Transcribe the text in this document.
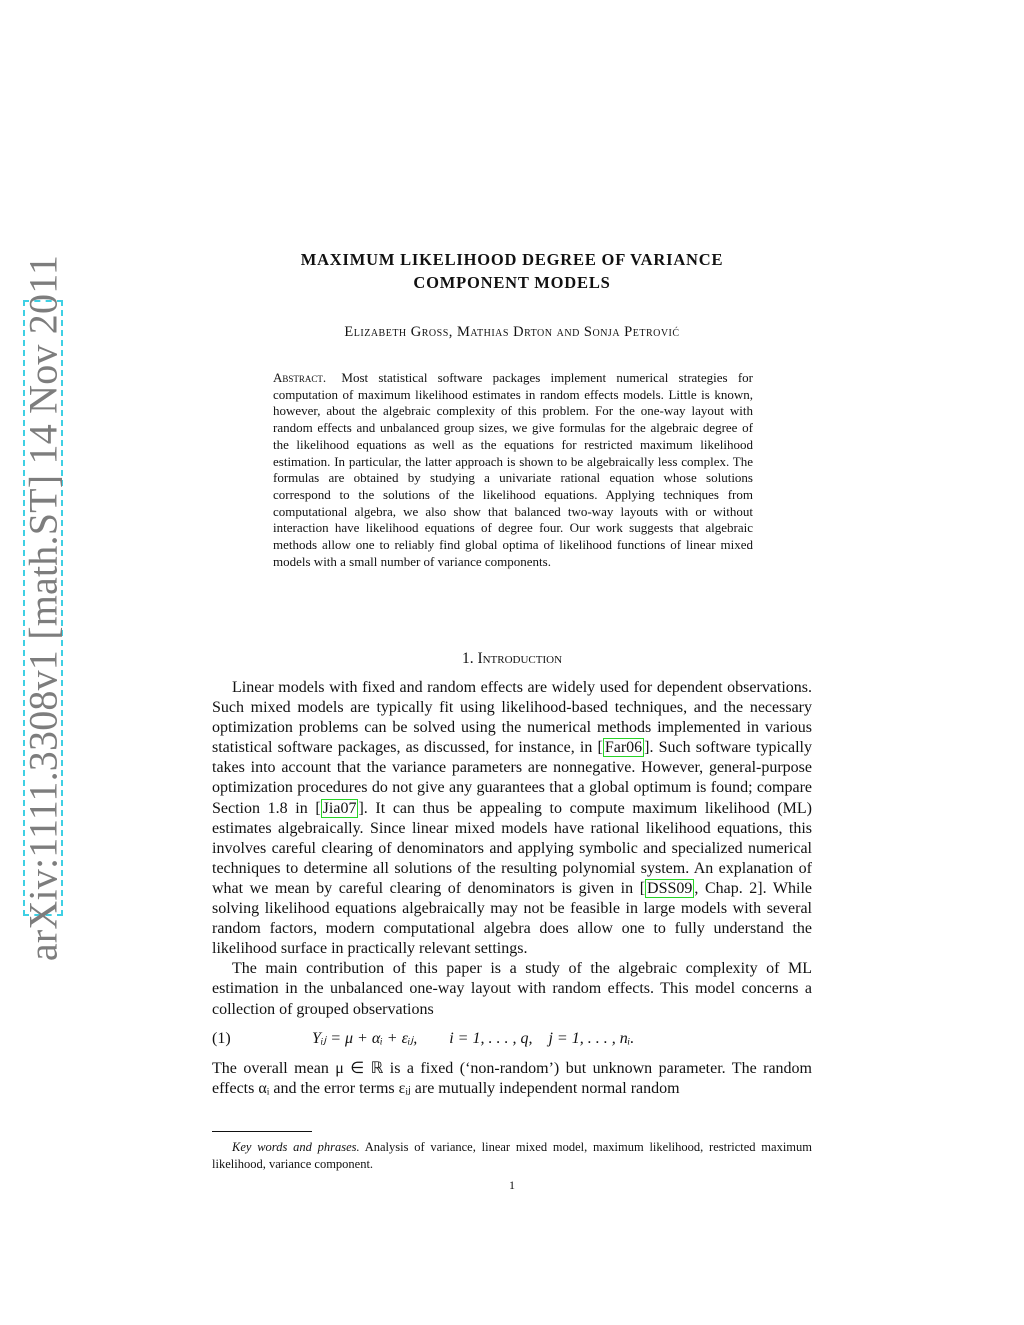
arXiv:1111.3308v1 [math.ST] 14 Nov 2011	MAXIMUM LIKELIHOOD DEGREE OF VARIANCE
COMPONENT MODELS
Elizabeth Gross, Mathias Drton and Sonja Petrović
Abstract. Most statistical software packages implement numerical strategies for computation of maximum likelihood estimates in random effects models. Little is known, however, about the algebraic complexity of this problem. For the one-way layout with random effects and unbalanced group sizes, we give formulas for the algebraic degree of the likelihood equations as well as the equations for restricted maximum likelihood estimation. In particular, the latter approach is shown to be algebraically less complex. The formulas are obtained by studying a univariate rational equation whose solutions correspond to the solutions of the likelihood equations. Applying techniques from computational algebra, we also show that balanced two-way layouts with or without interaction have likelihood equations of degree four. Our work suggests that algebraic methods allow one to reliably find global optima of likelihood functions of linear mixed models with a small number of variance components.
1. Introduction

Linear models with fixed and random effects are widely used for dependent observations. Such mixed models are typically fit using likelihood-based techniques, and the necessary optimization problems can be solved using the numerical methods implemented in various statistical software packages, as discussed, for instance, in [ Far06 ]. Such software typically takes into account that the variance parameters are nonnegative. However, general-purpose optimization procedures do not give any guarantees that a global optimum is found; compare Section 1.8 in [ Jia07 ]. It can thus be appealing to compute maximum likelihood (ML) estimates algebraically. Since linear mixed models have rational likelihood equations, this involves careful clearing of denominators and applying symbolic and specialized numerical techniques to determine all solutions of the resulting polynomial system. An explanation of what we mean by careful clearing of denominators is given in [ DSS09 , Chap. 2]. While solving likelihood equations algebraically may not be feasible in large models with several random factors, modern computational algebra does allow one to fully understand the likelihood surface in practically relevant settings.

The main contribution of this paper is a study of the algebraic complexity of ML estimation in the unbalanced one-way layout with random effects. This model concerns a collection of grouped observations

(1)	Yᵢⱼ = μ + αᵢ + εᵢⱼ,        i = 1, . . . , q,    j = 1, . . . , nᵢ.

The overall mean μ ∈ ℝ is a fixed (‘non-random’) but unknown parameter. The random effects αᵢ and the error terms εᵢⱼ are mutually independent normal random

Key words and phrases. Analysis of variance, linear mixed model, maximum likelihood, restricted maximum likelihood, variance component.
1
